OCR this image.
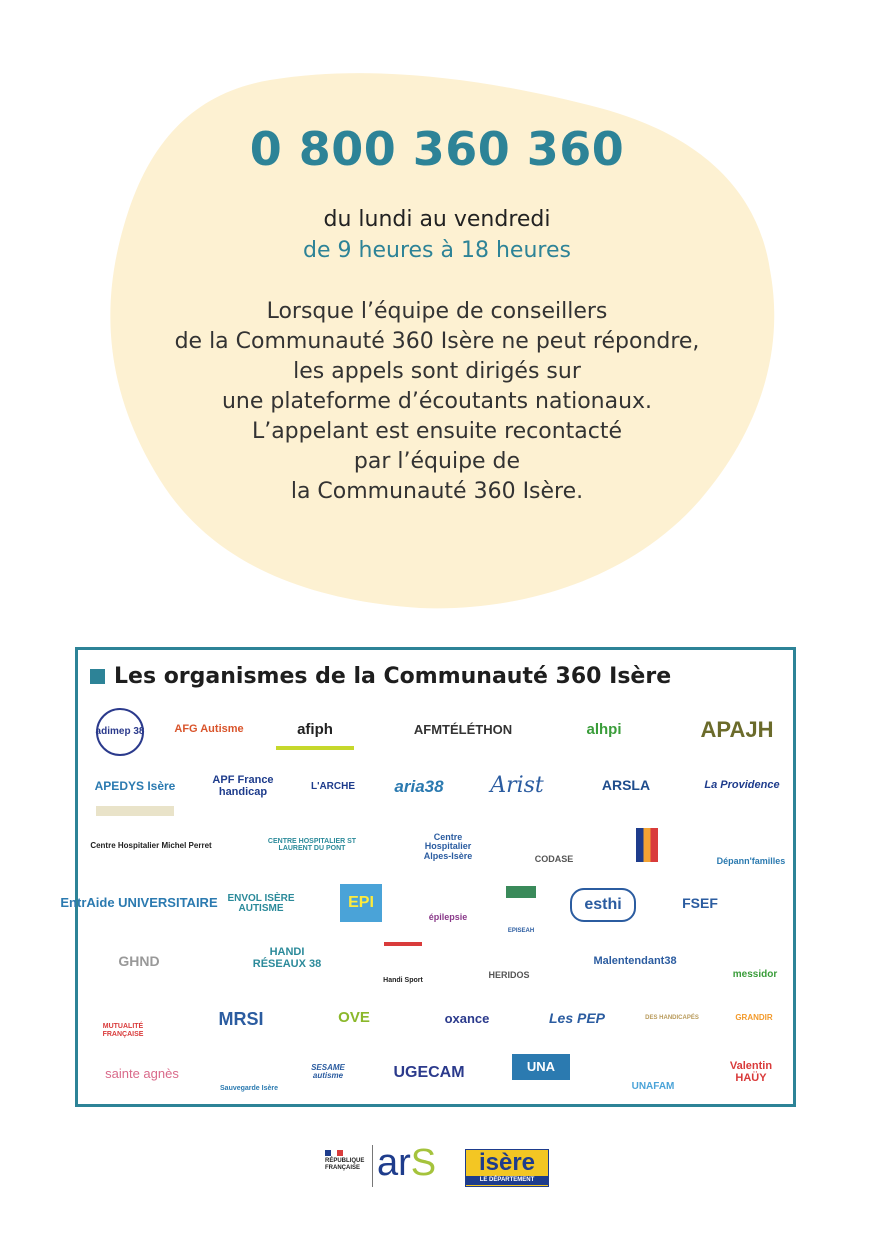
0 800 360 360
du lundi au vendredi
de 9 heures à 18 heures
Lorsque l’équipe de conseillers
de la Communauté 360 Isère ne peut répondre,
les appels sont dirigés sur
une plateforme d’écoutants nationaux.
L’appelant est ensuite recontacté
par l’équipe de
la Communauté 360 Isère.
Les organismes de la Communauté 360 Isère
adimep 38	AFG Autisme	afiph	AFMTÉLÉTHON	alhpi	APAJH
APEDYS Isère	APF France handicap	L'ARCHE aria38 Arist	ARSLA	La Providence
Centre Hospitalier Michel Perret	CENTRE HOSPITALIER ST LAURENT DU PONT
Centre Hospitalier Alpes-Isère	CODASE	Dépann'familles
EntrAide UNIVERSITAIRE ENVOL ISÈRE AUTISME	EPI
épilepsie
EPISEAH
esthi	FSEF
GHND
HANDI RÉSEAUX 38
Handi Sport
HERIDOS
Malentendant38
messidor
MUTUALITÉ FRANÇAISE
MRSI	OVE	oxance	Les PEP	DES HANDICAPÉS	GRANDIR
sainte agnès
Sauvegarde Isère
SESAME autisme	UGECAM	UNA
UNAFAM
Valentin HAÜY
RÉPUBLIQUE FRANÇAISE arS	isère
LE DÉPARTEMENT
